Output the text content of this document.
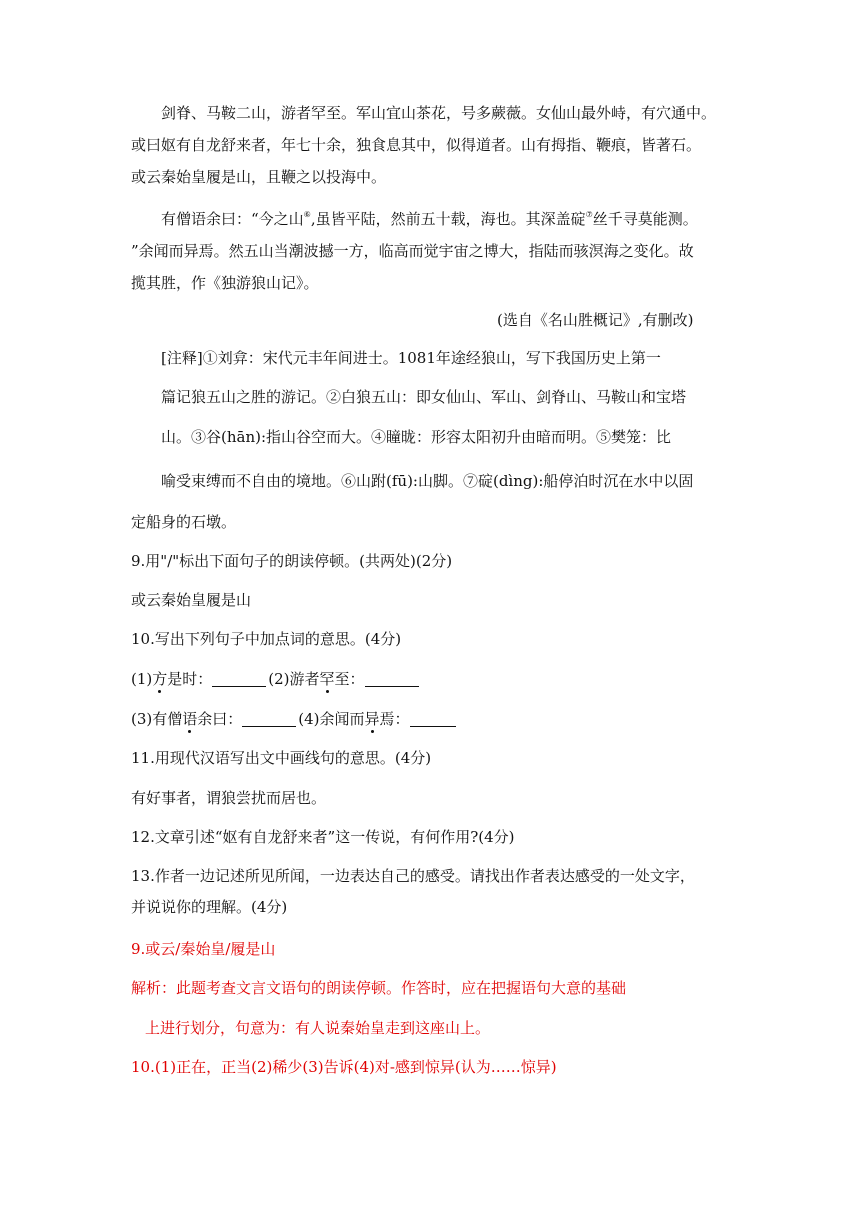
剑脊、马鞍二山，游者罕至。军山宜山茶花，号多蕨薇。女仙山最外峙，有穴通中。
或曰妪有自龙舒来者，年七十余，独食息其中，似得道者。山有拇指、鞭痕，皆著石。
或云秦始皇履是山，且鞭之以投海中。
有僧语余曰：“今之山⑥,虽皆平陆，然前五十载，海也。其深盖碇⑦丝千寻莫能测。
”余闻而异焉。然五山当潮波撼一方，临高而觉宇宙之博大，指陆而骇溟海之变化。故
揽其胜，作《独游狼山记》。
(选自《名山胜概记》,有删改)
[注释]①刘弇：宋代元丰年间进士。1081年途经狼山，写下我国历史上第一
篇记狼五山之胜的游记。②白狼五山：即女仙山、军山、剑脊山、马鞍山和宝塔
山。③谷(hān):指山谷空而大。④瞳昽：形容太阳初升由暗而明。⑤樊笼：比
喻受束缚而不自由的境地。⑥山跗(fū):山脚。⑦碇(dìng):船停泊时沉在水中以固
定船身的石墩。
9.用"/"标出下面句子的朗读停顿。(共两处)(2分)
或云秦始皇履是山
10.写出下列句子中加点词的意思。(4分)
(1)方是时：	(2)游者罕至：
(3)有僧语余曰：	(4)余闻而异焉：
11.用现代汉语写出文中画线句的意思。(4分)
有好事者，谓狼尝扰而居也。
12.文章引述“妪有自龙舒来者”这一传说，有何作用?(4分)
13.作者一边记述所见所闻，一边表达自己的感受。请找出作者表达感受的一处文字，
并说说你的理解。(4分)
9.或云/秦始皇/履是山
解析：此题考查文言文语句的朗读停顿。作答时，应在把握语句大意的基础
上进行划分，句意为：有人说秦始皇走到这座山上。
10.(1)正在，正当(2)稀少(3)告诉(4)对-感到惊异(认为……惊异)
